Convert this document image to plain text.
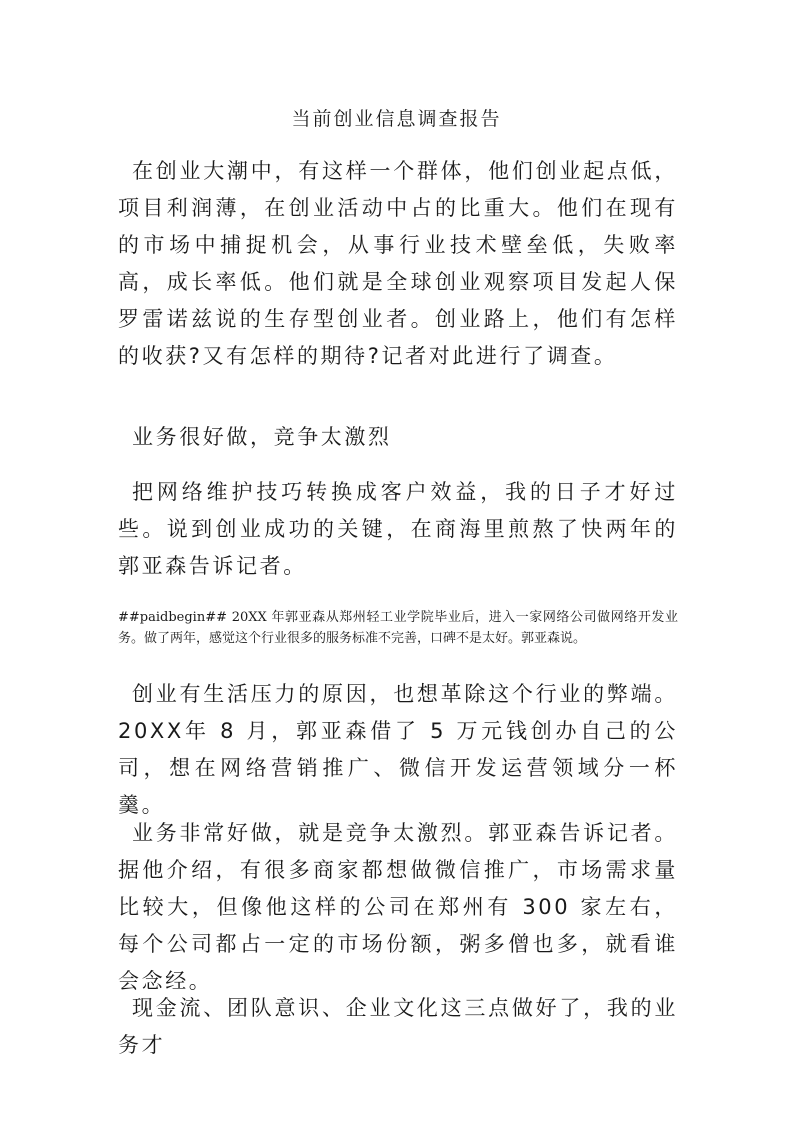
当前创业信息调查报告
在创业大潮中，有这样一个群体，他们创业起点低，项目利润薄，在创业活动中占的比重大。他们在现有的市场中捕捉机会，从事行业技术壁垒低，失败率高，成长率低。他们就是全球创业观察项目发起人保罗雷诺兹说的生存型创业者。创业路上，他们有怎样的收获?又有怎样的期待?记者对此进行了调查。
业务很好做，竞争太激烈
把网络维护技巧转换成客户效益，我的日子才好过些。说到创业成功的关键，在商海里煎熬了快两年的郭亚森告诉记者。
##paidbegin## 20XX 年郭亚森从郑州轻工业学院毕业后，进入一家网络公司做网络开发业务。做了两年，感觉这个行业很多的服务标准不完善，口碑不是太好。郭亚森说。
创业有生活压力的原因，也想革除这个行业的弊端。20XX年 8 月，郭亚森借了 5 万元钱创办自己的公司，想在网络营销推广、微信开发运营领域分一杯羹。
业务非常好做，就是竞争太激烈。郭亚森告诉记者。据他介绍，有很多商家都想做微信推广，市场需求量比较大，但像他这样的公司在郑州有 300 家左右，每个公司都占一定的市场份额，粥多僧也多，就看谁会念经。
现金流、团队意识、企业文化这三点做好了，我的业务才
